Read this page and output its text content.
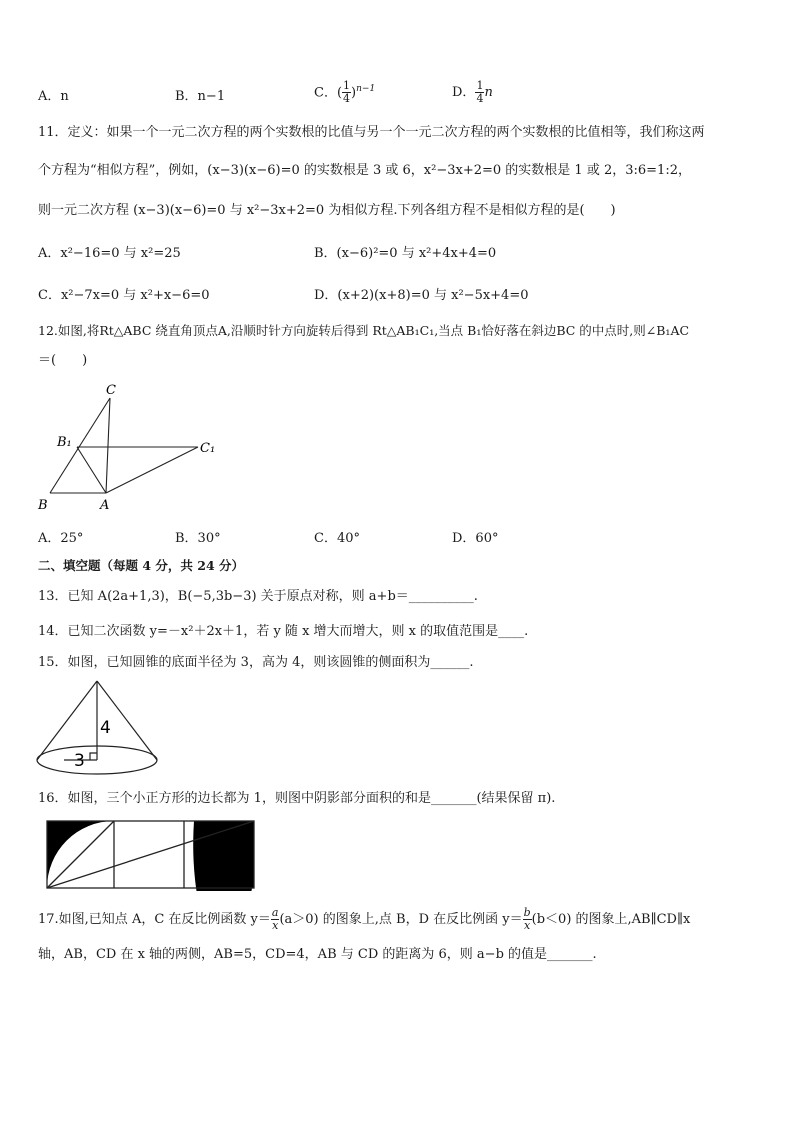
A．n	B．n−1	C．( $\frac{1}{4} )^{n-1}$	D． $\frac{1}{4}$ n
11．定义：如果一个一元二次方程的两个实数根的比值与另一个一元二次方程的两个实数根的比值相等，我们称这两
个方程为“相似方程”，例如，(x−3)(x−6)=0 的实数根是 3 或 6，x²−3x+2=0 的实数根是 1 或 2，3:6=1:2，
则一元二次方程 (x−3)(x−6)=0 与 x²−3x+2=0 为相似方程.下列各组方程不是相似方程的是(　　)
A．x²−16=0 与 x²=25	B．(x−6)²=0 与 x²+4x+4=0
C．x²−7x=0 与 x²+x−6=0	D．(x+2)(x+8)=0 与 x²−5x+4=0
12.如图,将Rt△ABC 绕直角顶点A,沿顺时针方向旋转后得到 Rt△AB₁C₁,当点 B₁恰好落在斜边BC 的中点时,则∠B₁AC
＝(　　)
C
B₁	C₁
B	A
A．25°	B．30°	C．40°	D．60°
二、填空题（每题 4 分，共 24 分）
13．已知 A(2a+1,3)，B(−5,3b−3) 关于原点对称，则 a+b＝__________.
14．已知二次函数 y=－x²＋2x＋1，若 y 随 x 增大而增大，则 x 的取值范围是____.
15．如图，已知圆锥的底面半径为 3，高为 4，则该圆锥的侧面积为______.
4
3
16．如图，三个小正方形的边长都为 1，则图中阴影部分面积的和是_______(结果保留 π).
17.如图,已知点 A，C 在反比例函数 $y= \frac{a}{x} (a>0)$ 的图象上,点 B，D 在反比例函 $y= \frac{b}{x} (b<0)$ 的图象上,AB∥CD∥x
轴，AB，CD 在 x 轴的两侧，AB=5，CD=4，AB 与 CD 的距离为 6，则 a−b 的值是_______.
